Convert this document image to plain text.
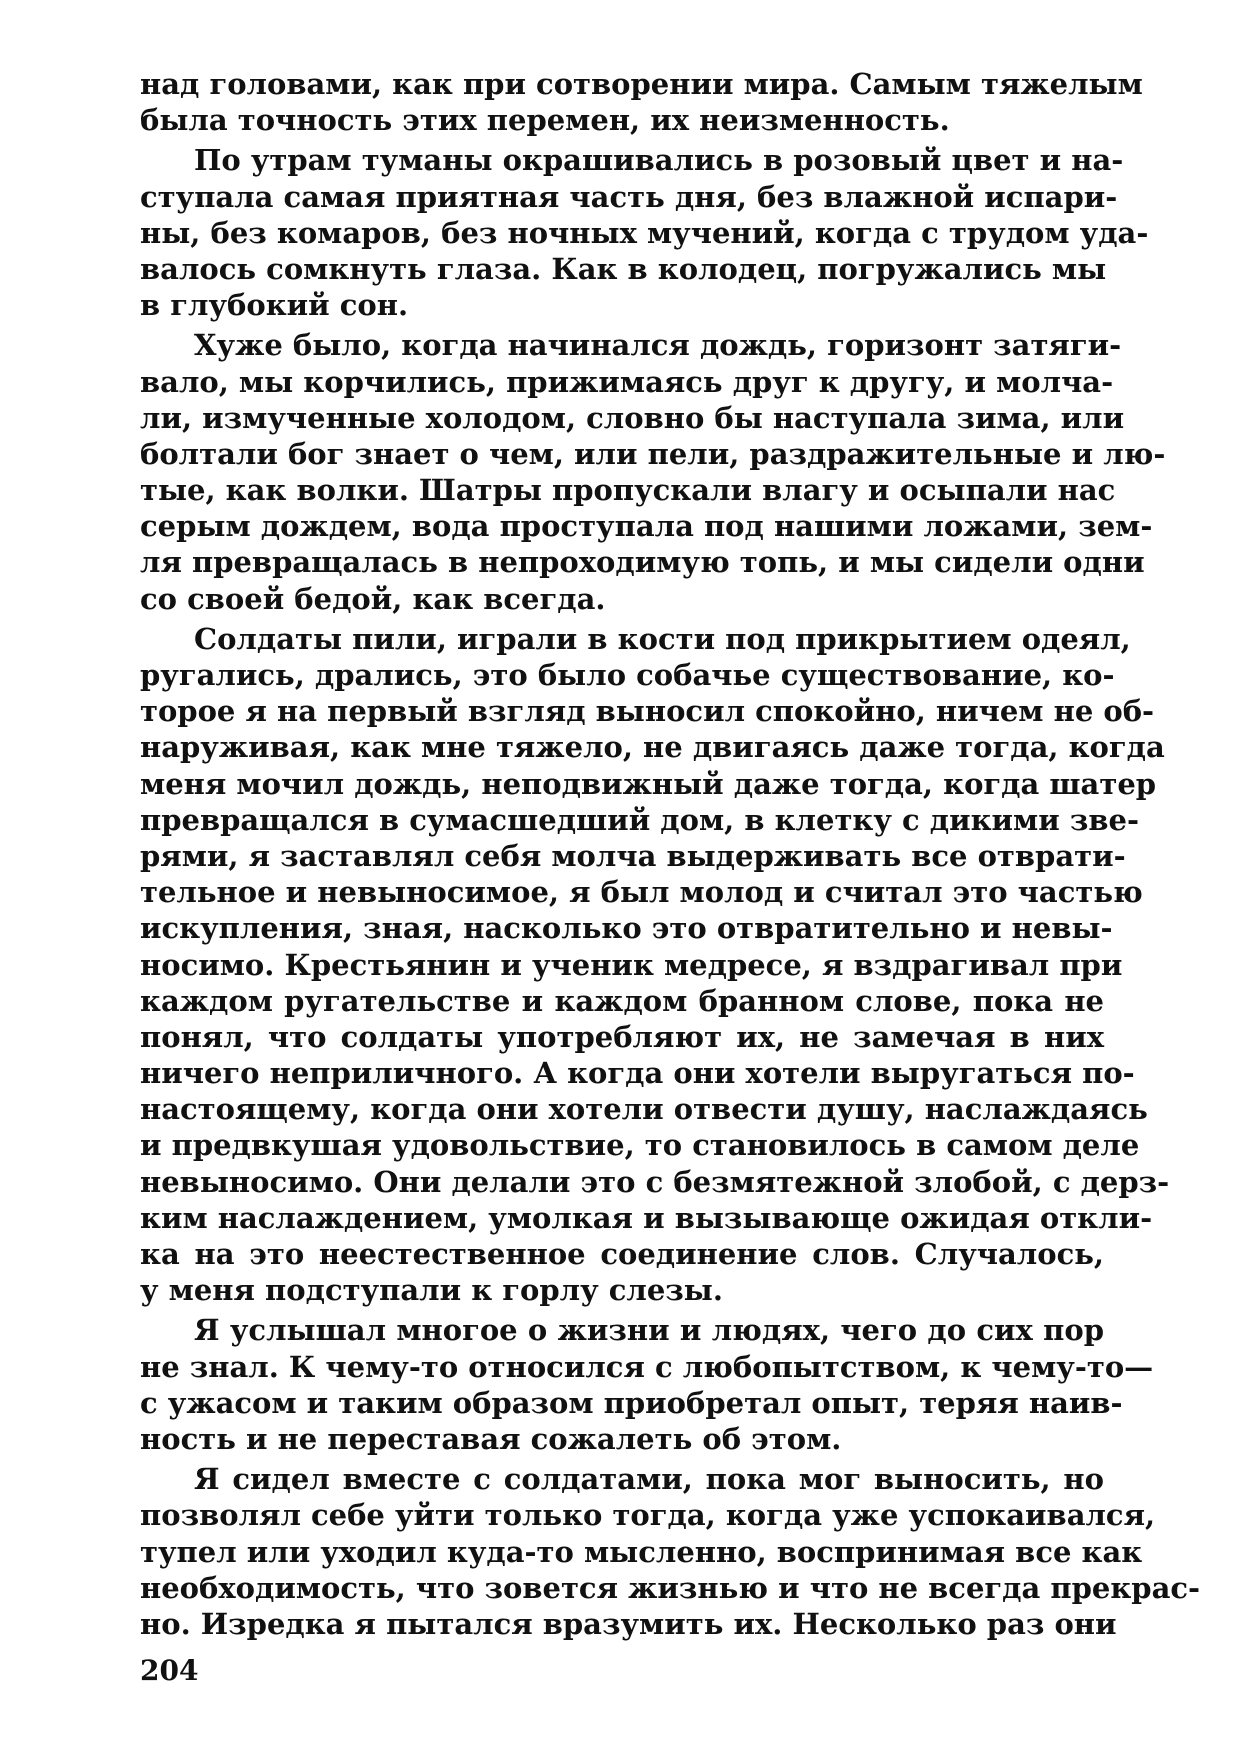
над головами, как при сотворении мира. Самым тяжелым
была точность этих перемен, их неизменность.
По утрам туманы окрашивались в розовый цвет и на-
ступала самая приятная часть дня, без влажной испари-
ны, без комаров, без ночных мучений, когда с трудом уда-
валось сомкнуть глаза. Как в колодец, погружались мы
в глубокий сон.
Хуже было, когда начинался дождь, горизонт затяги-
вало, мы корчились, прижимаясь друг к другу, и молча-
ли, измученные холодом, словно бы наступала зима, или
болтали бог знает о чем, или пели, раздражительные и лю-
тые, как волки. Шатры пропускали влагу и осыпали нас
серым дождем, вода проступала под нашими ложами, зем-
ля превращалась в непроходимую топь, и мы сидели одни
со своей бедой, как всегда.
Солдаты пили, играли в кости под прикрытием одеял,
ругались, дрались, это было собачье существование, ко-
торое я на первый взгляд выносил спокойно, ничем не об-
наруживая, как мне тяжело, не двигаясь даже тогда, когда
меня мочил дождь, неподвижный даже тогда, когда шатер
превращался в сумасшедший дом, в клетку с дикими зве-
рями, я заставлял себя молча выдерживать все отврати-
тельное и невыносимое, я был молод и считал это частью
искупления, зная, насколько это отвратительно и невы-
носимо. Крестьянин и ученик медресе, я вздрагивал при
каждом ругательстве и каждом бранном слове, пока не
понял, что солдаты употребляют их, не замечая в них
ничего неприличного. А когда они хотели выругаться по-
настоящему, когда они хотели отвести душу, наслаждаясь
и предвкушая удовольствие, то становилось в самом деле
невыносимо. Они делали это с безмятежной злобой, с дерз-
ким наслаждением, умолкая и вызывающе ожидая откли-
ка на это неестественное соединение слов. Случалось,
у меня подступали к горлу слезы.
Я услышал многое о жизни и людях, чего до сих пор
не знал. К чему-то относился с любопытством, к чему-то—
с ужасом и таким образом приобретал опыт, теряя наив-
ность и не переставая сожалеть об этом.
Я сидел вместе с солдатами, пока мог выносить, но
позволял себе уйти только тогда, когда уже успокаивался,
тупел или уходил куда-то мысленно, воспринимая все как
необходимость, что зовется жизнью и что не всегда прекрас-
но. Изредка я пытался вразумить их. Несколько раз они
204
